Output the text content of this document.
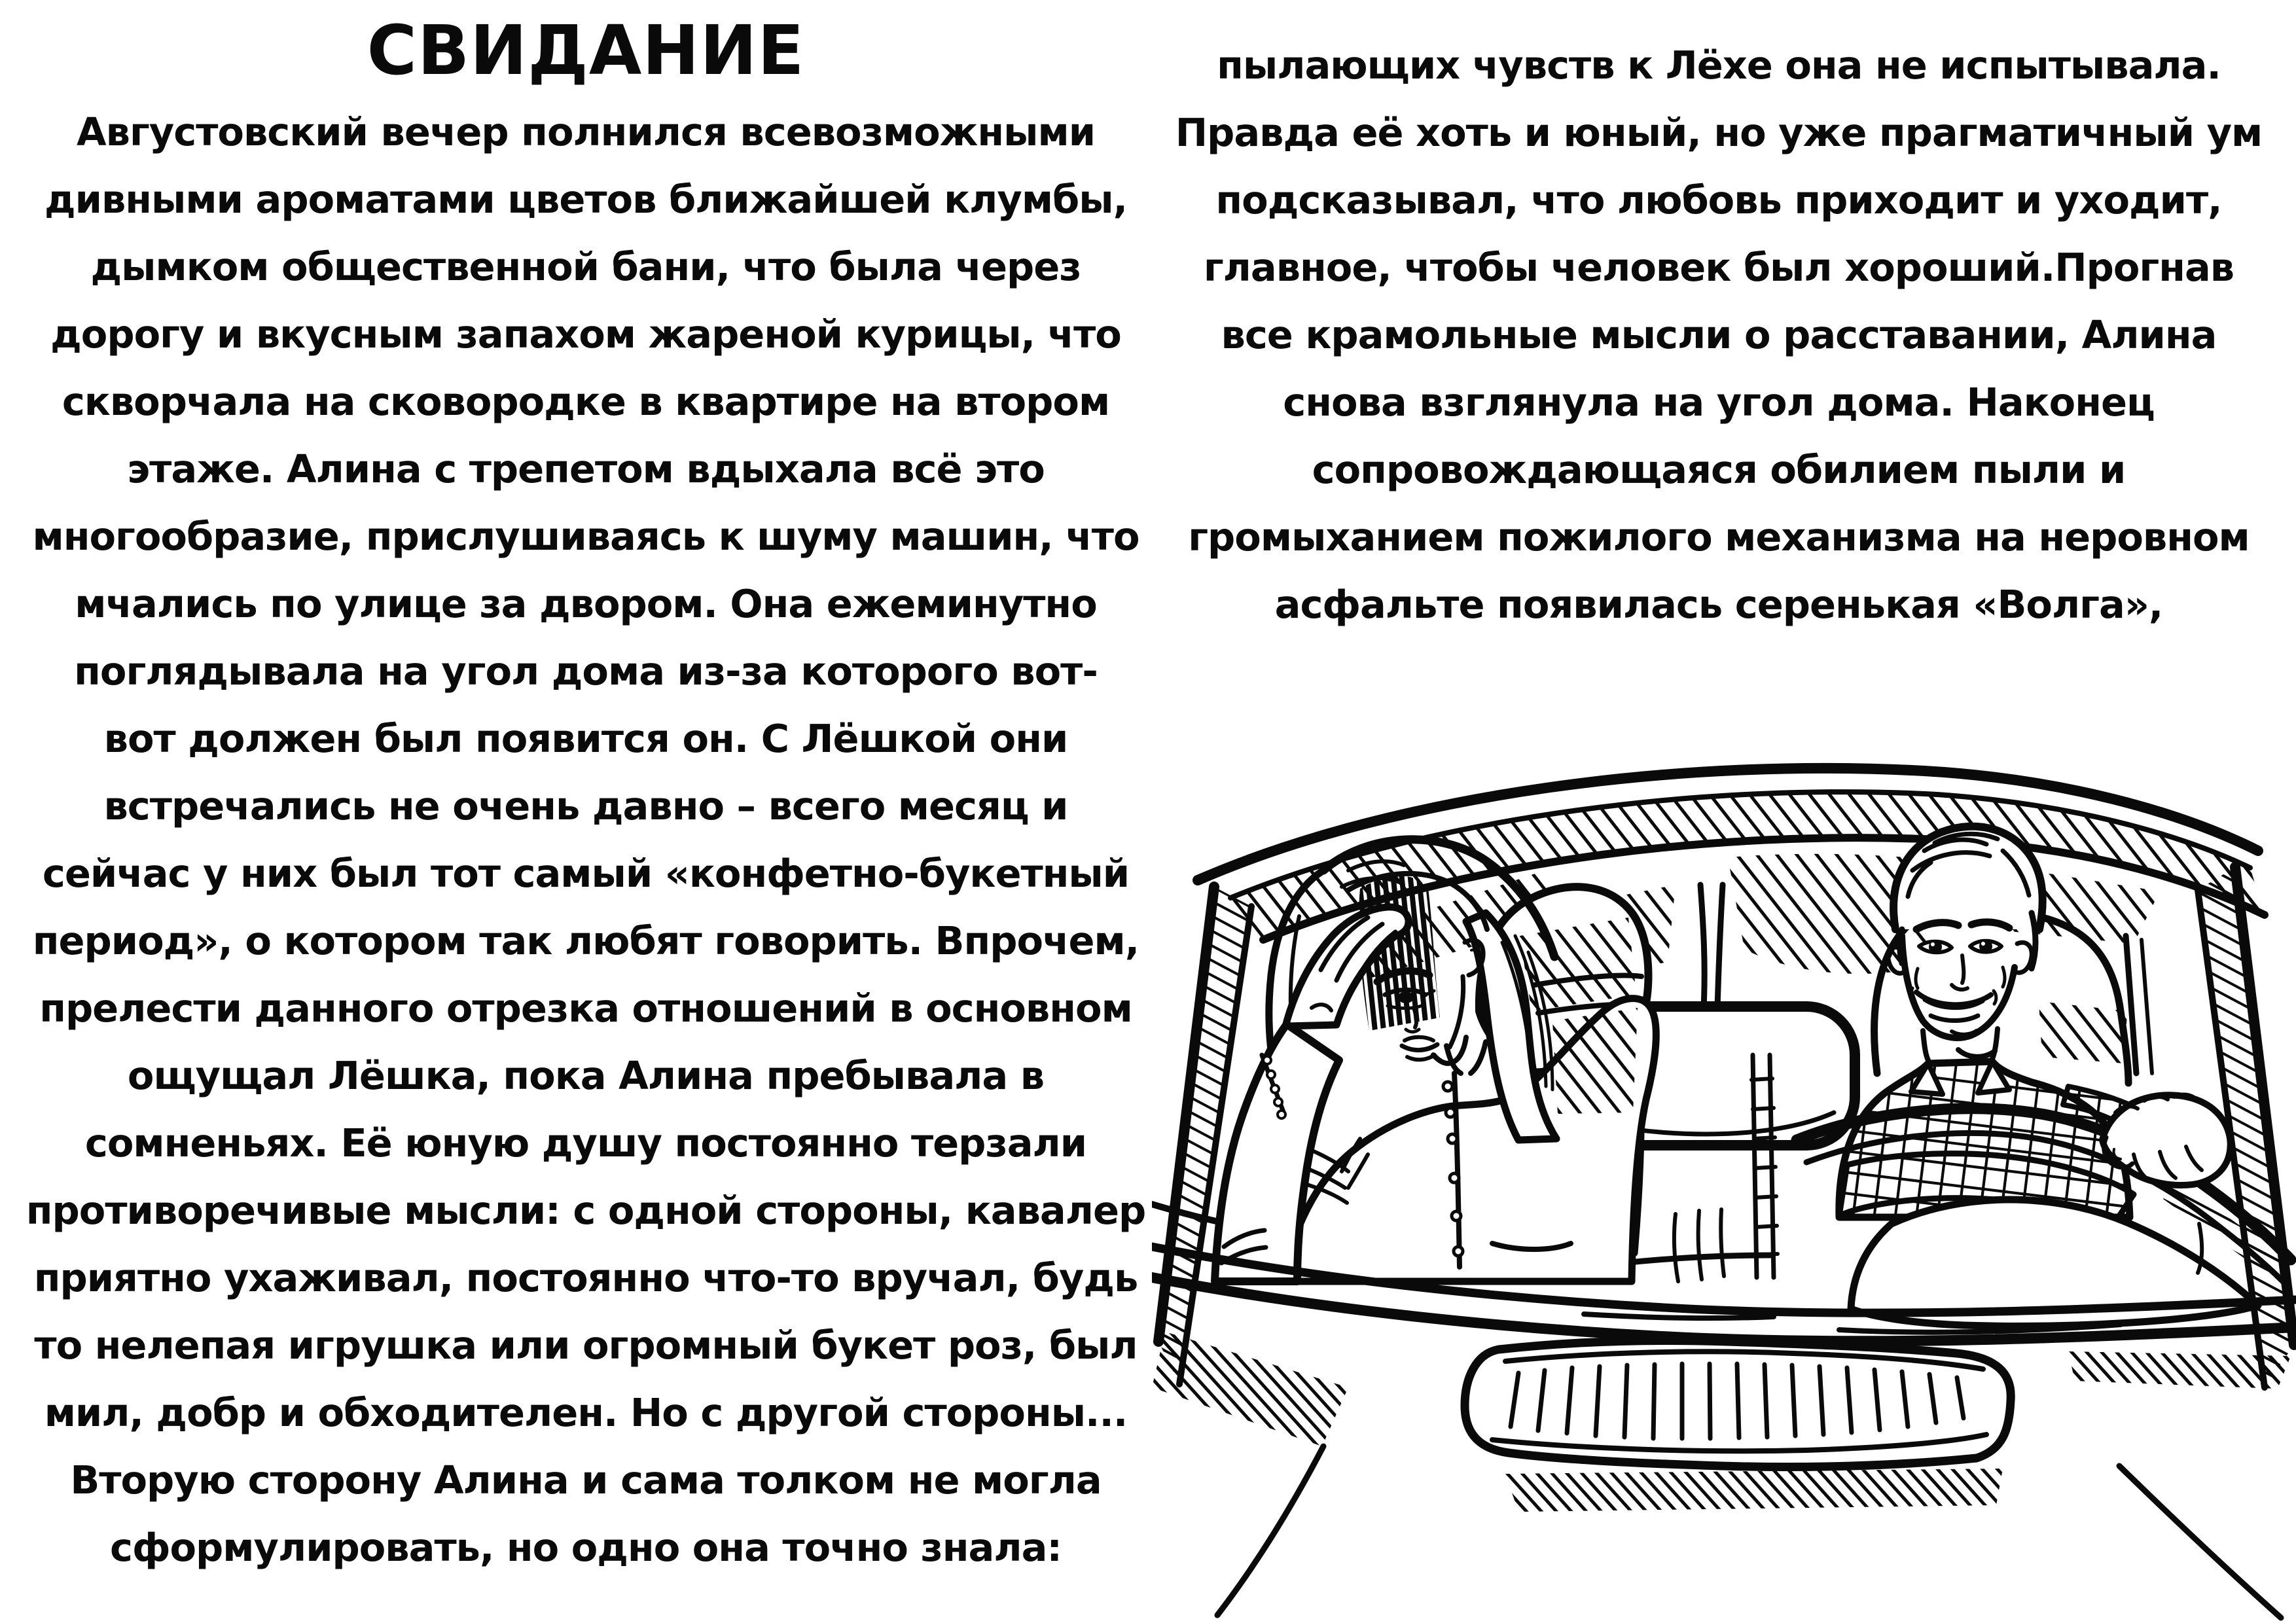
СВИДАНИЕ
Августовский вечер полнился всевозможными
дивными ароматами цветов ближайшей клумбы,
дымком общественной бани, что была через
дорогу и вкусным запахом жареной курицы, что
скворчала на сковородке в квартире на втором
этаже. Алина с трепетом вдыхала всё это
многообразие, прислушиваясь к шуму машин, что
мчались по улице за двором. Она ежеминутно
поглядывала на угол дома из-за которого вот-
вот должен был появится он. С Лёшкой они
встречались не очень давно – всего месяц и
сейчас у них был тот самый «конфетно-букетный
период», о котором так любят говорить. Впрочем,
прелести данного отрезка отношений в основном
ощущал Лёшка, пока Алина пребывала в
сомненьях. Её юную душу постоянно терзали
противоречивые мысли: с одной стороны, кавалер
приятно ухаживал, постоянно что-то вручал, будь
то нелепая игрушка или огромный букет роз, был
мил, добр и обходителен. Но с другой стороны...
Вторую сторону Алина и сама толком не могла
сформулировать, но одно она точно знала:
пылающих чувств к Лёхе она не испытывала.
Правда её хоть и юный, но уже прагматичный ум
подсказывал, что любовь приходит и уходит,
главное, чтобы человек был хороший.Прогнав
все крамольные мысли о расставании, Алина
снова взглянула на угол дома. Наконец
сопровождающаяся обилием пыли и
громыханием пожилого механизма на неровном
асфальте появилась серенькая «Волга»,
